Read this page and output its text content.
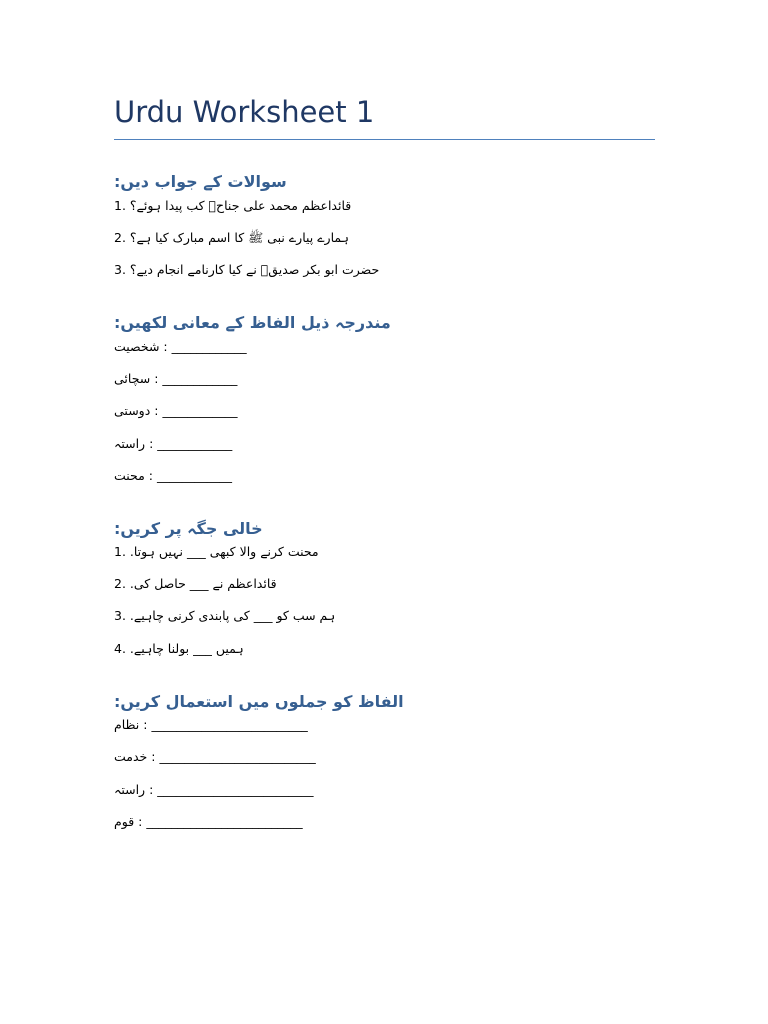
Urdu Worksheet 1
سوالات کے جواب دیں:
1. قائداعظم محمد علی جناحؒ کب پیدا ہوئے؟
2. ہمارے پیارے نبی ﷺ کا اسم مبارک کیا ہے؟
3. حضرت ابو بکر صدیقؓ نے کیا کارنامے انجام دیے؟
مندرجہ ذیل الفاظ کے معانی لکھیں:
شخصیت : ____________
سچائی : ____________
دوستی : ____________
راستہ : ____________
محنت : ____________
خالی جگہ پر کریں:
1. .محنت کرنے والا کبھی ___ نہیں ہوتا
2. .قائداعظم نے ___ حاصل کی
3. .ہم سب کو ___ کی پابندی کرنی چاہیے
4. .ہمیں ___ بولنا چاہیے
الفاظ کو جملوں میں استعمال کریں:
نظام : _________________________
خدمت : _________________________
راستہ : _________________________
قوم : _________________________
